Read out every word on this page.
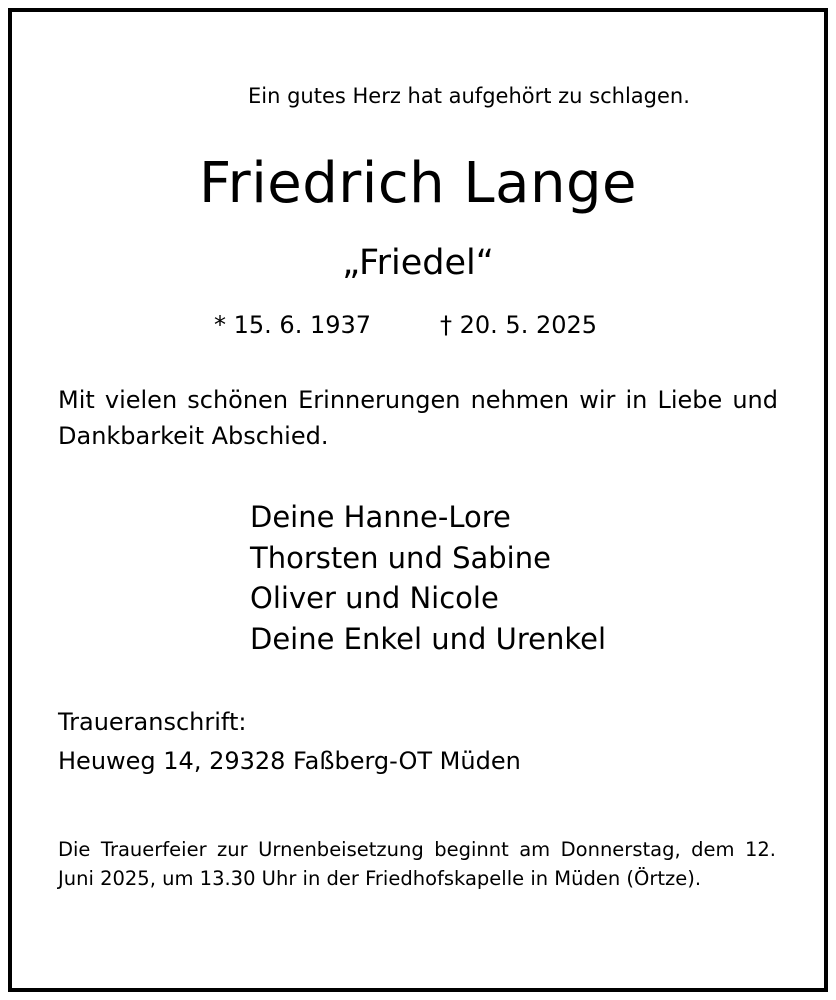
Ein gutes Herz hat aufgehört zu schlagen.
Friedrich Lange
„Friedel“
* 15. 6. 1937	† 20. 5. 2025
Mit vielen schönen Erinnerungen nehmen wir in Liebe und Dankbarkeit Abschied.
Deine Hanne-Lore
Thorsten und Sabine
Oliver und Nicole
Deine Enkel und Urenkel
Traueranschrift:
Heuweg 14, 29328 Faßberg-OT Müden
Die Trauerfeier zur Urnenbeisetzung beginnt am Donnerstag, dem 12. Juni 2025, um 13.30 Uhr in der Friedhofskapelle in Müden (Örtze).
